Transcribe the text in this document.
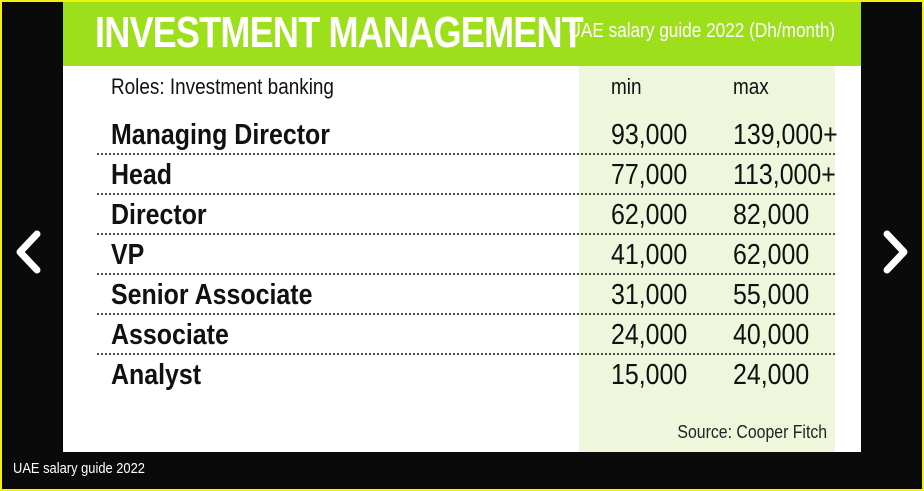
INVESTMENT MANAGEMENT
UAE salary guide 2022 (Dh/month)
Roles: Investment banking	min	max
Managing Director	93,000 139,000+
Head	77,000 113,000+
Director	62,000 82,000
VP	41,000 62,000
Senior Associate	31,000 55,000
Associate	24,000 40,000
Analyst	15,000 24,000
Source: Cooper Fitch
UAE salary guide 2022
